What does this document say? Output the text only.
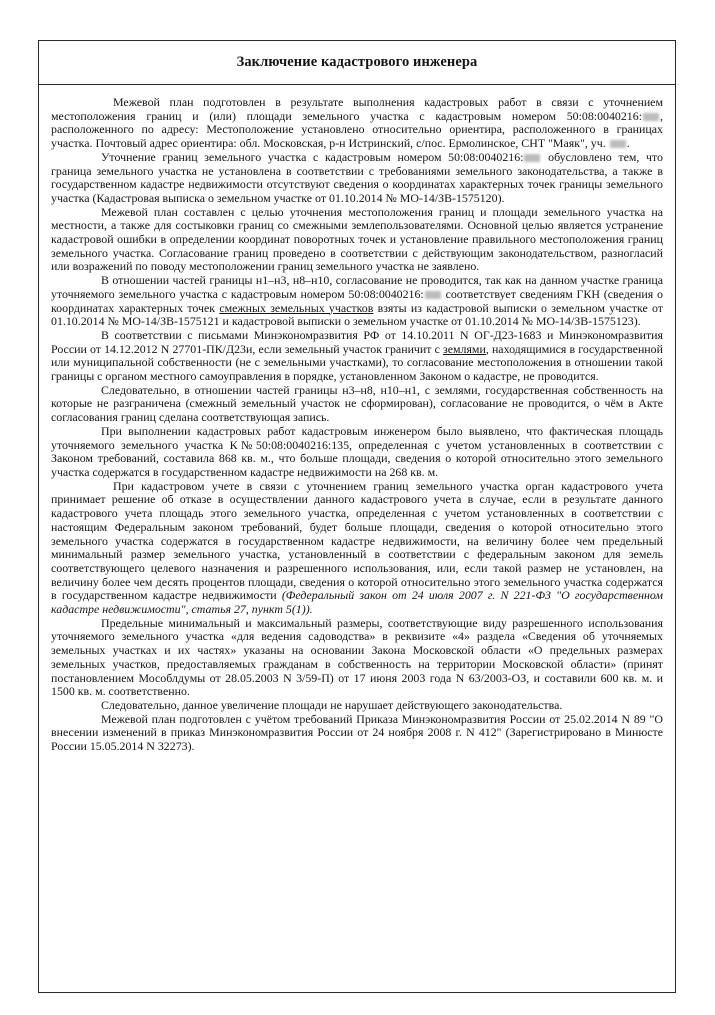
Заключение кадастрового инженера

Межевой план подготовлен в результате выполнения кадастровых работ в связи с уточнением местоположения границ и (или) площади земельного участка с кадастровым номером 50:08:0040216: , расположенного по адресу: Местоположение установлено относительно ориентира, расположенного в границах участка. Почтовый адрес ориентира: обл. Московская, р-н Истринский, с/пос. Ермолинское, СНТ "Маяк", уч. .

Уточнение границ земельного участка с кадастровым номером 50:08:0040216: обусловлено тем, что граница земельного участка не установлена в соответствии с требованиями земельного законодательства, а также в государственном кадастре недвижимости отсутствуют сведения о координатах характерных точек границы земельного участка (Кадастровая выписка о земельном участке от 01.10.2014 № МО-14/ЗВ-1575120).

Межевой план составлен с целью уточнения местоположения границ и площади земельного участка на местности, а также для состыковки границ со смежными землепользователями. Основной целью является устранение кадастровой ошибки в определении координат поворотных точек и установление правильного местоположения границ земельного участка. Согласование границ проведено в соответствии с действующим законодательством, разногласий или возражений по поводу местоположении границ земельного участка не заявлено.

В отношении частей границы н1–н3, н8–н10, согласование не проводится, так как на данном участке граница уточняемого земельного участка с кадастровым номером 50:08:0040216: соответствует сведениям ГКН (сведения о координатах характерных точек смежных земельных участков взяты из кадастровой выписки о земельном участке от 01.10.2014 № МО-14/ЗВ-1575121 и кадастровой выписки о земельном участке от 01.10.2014 № МО-14/ЗВ-1575123).

В соответствии с письмами Минэкономразвития РФ от 14.10.2011 N ОГ-Д23-1683 и Минэкономразвития России от 14.12.2012 N 27701-ПК/Д23и, если земельный участок граничит с землями, находящимися в государственной или муниципальной собственности (не с земельными участками), то согласование местоположения в отношении такой границы с органом местного самоуправления в порядке, установленном Законом о кадастре, не проводится.

Следовательно, в отношении частей границы н3–н8, н10–н1, с землями, государственная собственность на которые не разграничена (смежный земельный участок не сформирован), согласование не проводится, о чём в Акте согласования границ сделана соответствующая запись.

При выполнении кадастровых работ кадастровым инженером было выявлено, что фактическая площадь уточняемого земельного участка К№50:08:0040216:135, определенная с учетом установленных в соответствии с Законом требований, составила 868 кв. м., что больше площади, сведения о которой относительно этого земельного участка содержатся в государственном кадастре недвижимости на 268 кв. м.

При кадастровом учете в связи с уточнением границ земельного участка орган кадастрового учета принимает решение об отказе в осуществлении данного кадастрового учета в случае, если в результате данного кадастрового учета площадь этого земельного участка, определенная с учетом установленных в соответствии с настоящим Федеральным законом требований, будет больше площади, сведения о которой относительно этого земельного участка содержатся в государственном кадастре недвижимости, на величину более чем предельный минимальный размер земельного участка, установленный в соответствии с федеральным законом для земель соответствующего целевого назначения и разрешенного использования, или, если такой размер не установлен, на величину более чем десять процентов площади, сведения о которой относительно этого земельного участка содержатся в государственном кадастре недвижимости (Федеральный закон от 24 июля 2007 г. N 221-ФЗ "О государственном кадастре недвижимости", статья 27, пункт 5(1)).

Предельные минимальный и максимальный размеры, соответствующие виду разрешенного использования уточняемого земельного участка «для ведения садоводства» в реквизите «4» раздела «Сведения об уточняемых земельных участках и их частях» указаны на основании Закона Московской области «О предельных размерах земельных участков, предоставляемых гражданам в собственность на территории Московской области» (принят постановлением Мособлдумы от 28.05.2003 N 3/59-П) от 17 июня 2003 года N 63/2003-ОЗ, и составили 600 кв. м. и 1500 кв. м. соответственно.

Следовательно, данное увеличение площади не нарушает действующего законодательства.

Межевой план подготовлен с учётом требований Приказа Минэкономразвития России от 25.02.2014 N 89 "О внесении изменений в приказ Минэкономразвития России от 24 ноября 2008 г. N 412" (Зарегистрировано в Минюсте России 15.05.2014 N 32273).
